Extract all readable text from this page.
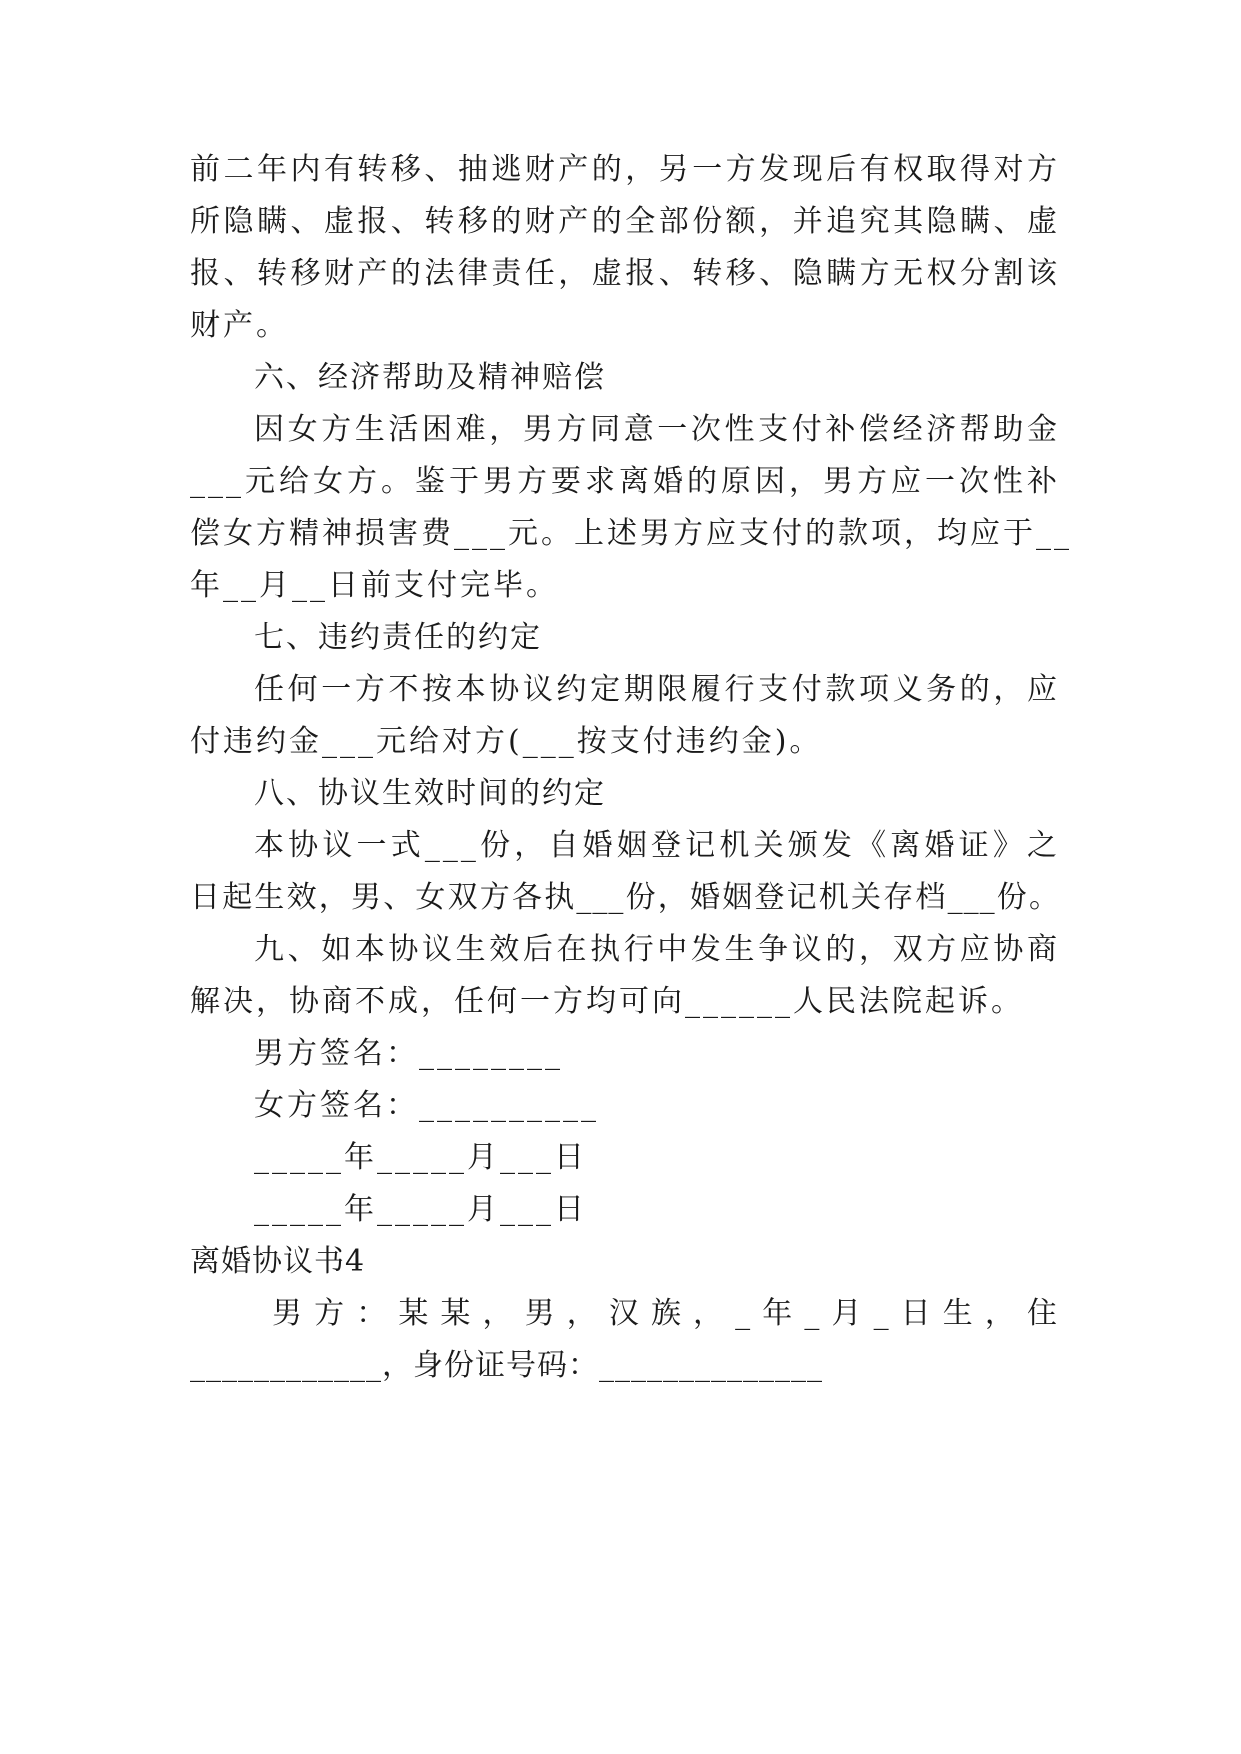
前二年内有转移、抽逃财产的，另一方发现后有权取得对方
所隐瞒、虚报、转移的财产的全部份额，并追究其隐瞒、虚
报、转移财产的法律责任，虚报、转移、隐瞒方无权分割该
财产。
六、经济帮助及精神赔偿
因女方生活困难，男方同意一次性支付补偿经济帮助金
___元给女方。鉴于男方要求离婚的原因，男方应一次性补
偿女方精神损害费___元。上述男方应支付的款项，均应于__
年__月__日前支付完毕。
七、违约责任的约定
任何一方不按本协议约定期限履行支付款项义务的，应
付违约金___元给对方(___按支付违约金)。
八、协议生效时间的约定
本协议一式___份，自婚姻登记机关颁发《离婚证》之
日起生效，男、女双方各执___份，婚姻登记机关存档___份。
九、如本协议生效后在执行中发生争议的，双方应协商
解决，协商不成，任何一方均可向______人民法院起诉。
男方签名：________
女方签名：__________
_____年_____月___日
_____年_____月___日
离婚协议书4
男方：某某，男，汉族，_年_月_日生，住
____________，身份证号码：______________
